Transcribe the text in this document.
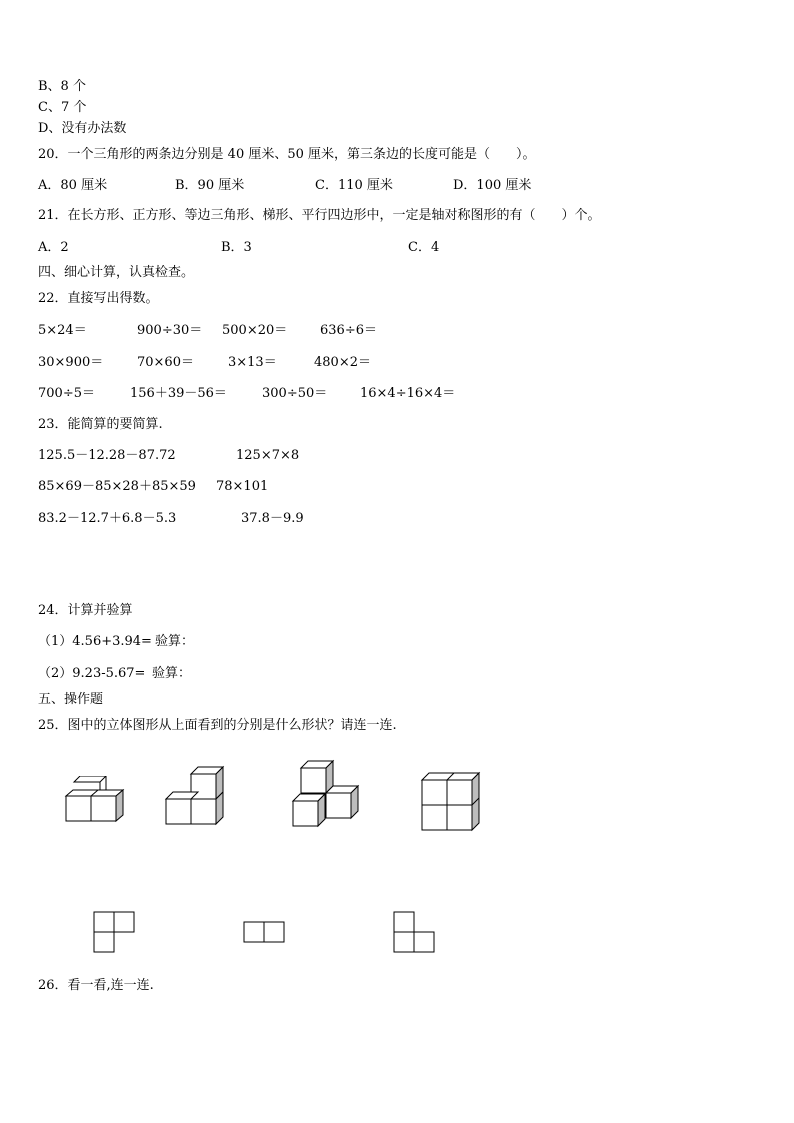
B、8 个
C、7 个
D、没有办法数
20．一个三角形的两条边分别是 40 厘米、50 厘米，第三条边的长度可能是（　　）。
A．80 厘米	B．90 厘米	C．110 厘米	D．100 厘米
21．在长方形、正方形、等边三角形、梯形、平行四边形中，一定是轴对称图形的有（　　）个。
A．2	B．3	C．4
四、细心计算，认真检查。
22．直接写出得数。
5×24＝	900÷30＝ 500×20＝	636÷6＝
30×900＝	70×60＝	3×13＝	480×2＝
700÷5＝	156＋39－56＝	300÷50＝	16×4÷16×4＝
23．能简算的要简算.
125.5－12.28－87.72	125×7×8
85×69－85×28＋85×59 78×101
83.2－12.7＋6.8－5.3	37.8－9.9
24．计算并验算
（1）4.56+3.94= 验算：
（2）9.23-5.67= 验算：
五、操作题
25．图中的立体图形从上面看到的分别是什么形状？请连一连.
26．看一看,连一连.
